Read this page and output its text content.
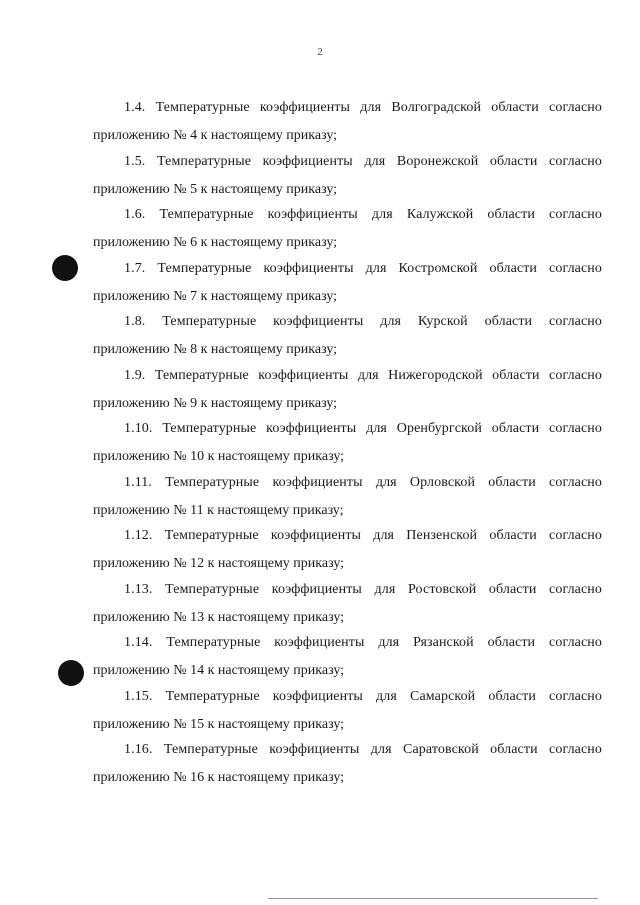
2
1.4. Температурные коэффициенты для Волгоградской области согласно
приложению № 4 к настоящему приказу;
1.5. Температурные коэффициенты для Воронежской области согласно
приложению № 5 к настоящему приказу;
1.6. Температурные коэффициенты для Калужской области согласно
приложению № 6 к настоящему приказу;
1.7. Температурные коэффициенты для Костромской области согласно
приложению № 7 к настоящему приказу;
1.8. Температурные коэффициенты для Курской области согласно
приложению № 8 к настоящему приказу;
1.9. Температурные коэффициенты для Нижегородской области согласно
приложению № 9 к настоящему приказу;
1.10. Температурные коэффициенты для Оренбургской области согласно
приложению № 10 к настоящему приказу;
1.11. Температурные коэффициенты для Орловской области согласно
приложению № 11 к настоящему приказу;
1.12. Температурные коэффициенты для Пензенской области согласно
приложению № 12 к настоящему приказу;
1.13. Температурные коэффициенты для Ростовской области согласно
приложению № 13 к настоящему приказу;
1.14. Температурные коэффициенты для Рязанской области согласно
приложению № 14 к настоящему приказу;
1.15. Температурные коэффициенты для Самарской области согласно
приложению № 15 к настоящему приказу;
1.16. Температурные коэффициенты для Саратовской области согласно
приложению № 16 к настоящему приказу;
